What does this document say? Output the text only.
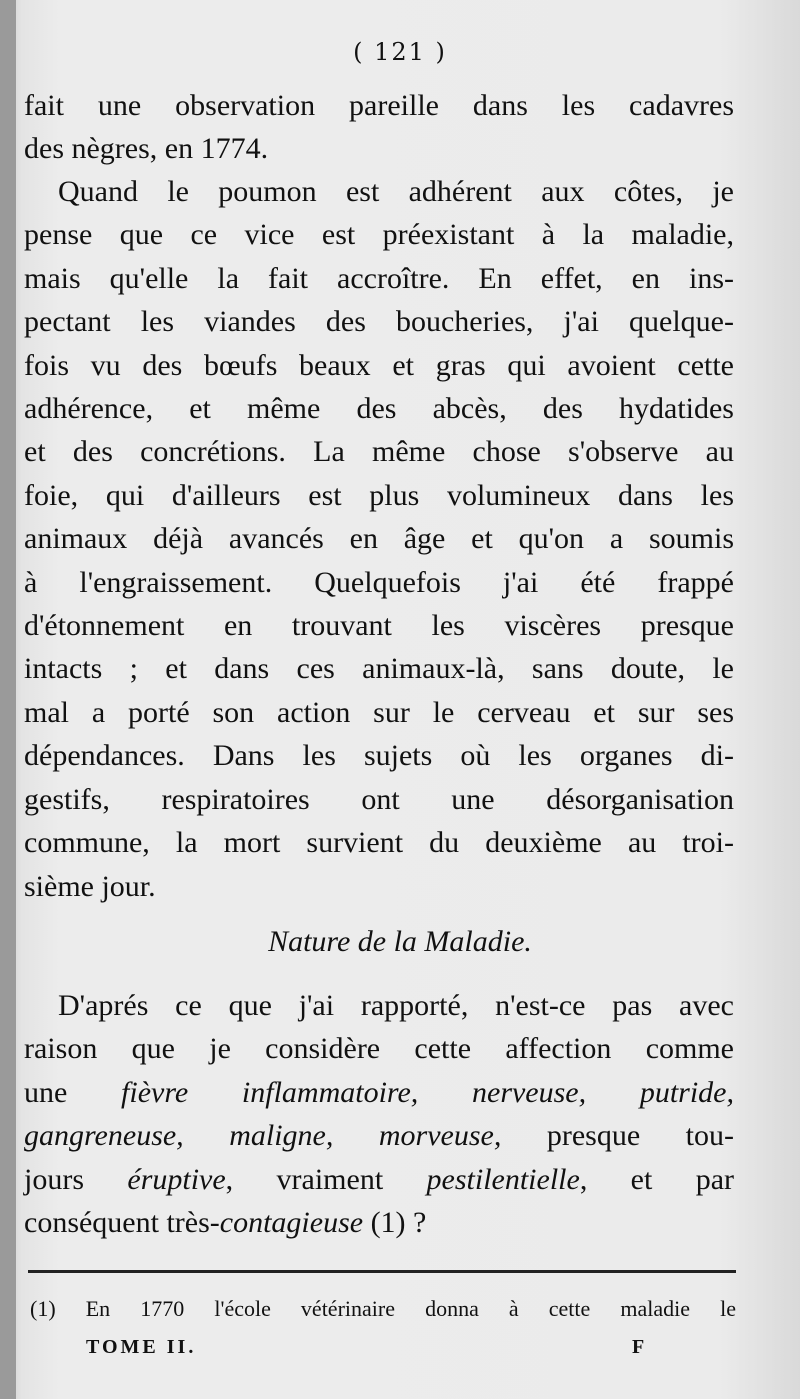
( 121 )
fait une observation pareille dans les cadavres
des nègres, en 1774.
Quand le poumon est adhérent aux côtes, je
pense que ce vice est préexistant à la maladie,
mais qu'elle la fait accroître. En effet, en ins-
pectant les viandes des boucheries, j'ai quelque-
fois vu des bœufs beaux et gras qui avoient cette
adhérence, et même des abcès, des hydatides
et des concrétions. La même chose s'observe au
foie, qui d'ailleurs est plus volumineux dans les
animaux déjà avancés en âge et qu'on a soumis
à l'engraissement. Quelquefois j'ai été frappé
d'étonnement en trouvant les viscères presque
intacts ; et dans ces animaux-là, sans doute, le
mal a porté son action sur le cerveau et sur ses
dépendances. Dans les sujets où les organes di-
gestifs, respiratoires ont une désorganisation
commune, la mort survient du deuxième au troi-
sième jour.
Nature de la Maladie.
D'aprés ce que j'ai rapporté, n'est-ce pas avec
raison que je considère cette affection comme
une fièvre inflammatoire, nerveuse, putride,
gangreneuse, maligne, morveuse, presque tou-
jours éruptive, vraiment pestilentielle, et par
conséquent très-contagieuse (1) ?
(1) En 1770 l'école vétérinaire donna à cette maladie le
TOME II.	F
